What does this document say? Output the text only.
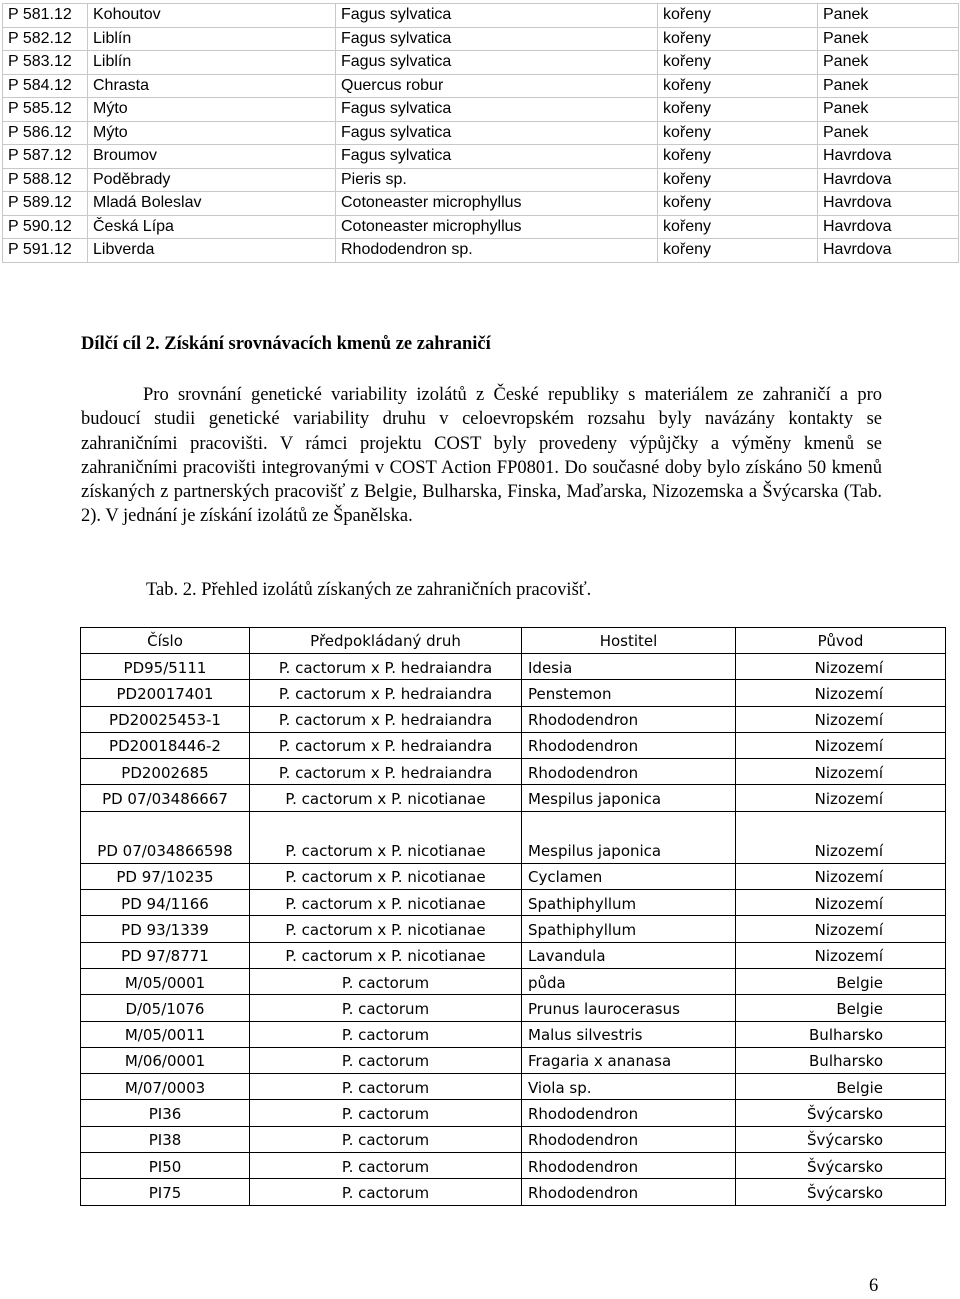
P 581.12	Kohoutov	Fagus sylvatica	kořeny	Panek
P 582.12	Liblín	Fagus sylvatica	kořeny	Panek
P 583.12	Liblín	Fagus sylvatica	kořeny	Panek
P 584.12	Chrasta	Quercus robur	kořeny	Panek
P 585.12	Mýto	Fagus sylvatica	kořeny	Panek
P 586.12	Mýto	Fagus sylvatica	kořeny	Panek
P 587.12	Broumov	Fagus sylvatica	kořeny	Havrdova
P 588.12	Poděbrady	Pieris sp.	kořeny	Havrdova
P 589.12	Mladá Boleslav	Cotoneaster microphyllus	kořeny	Havrdova
P 590.12	Česká Lípa	Cotoneaster microphyllus	kořeny	Havrdova
P 591.12	Libverda	Rhododendron sp.	kořeny	Havrdova

Dílčí cíl 2. Získání srovnávacích kmenů ze zahraničí

Pro srovnání genetické variability izolátů z České republiky s materiálem ze zahraničí a pro budoucí studii genetické variability druhu v celoevropském rozsahu byly navázány kontakty se zahraničními pracovišti. V rámci projektu COST byly provedeny výpůjčky a výměny kmenů se zahraničními pracovišti integrovanými v COST Action FP0801. Do současné doby bylo získáno 50 kmenů získaných z partnerských pracovišť z Belgie, Bulharska, Finska, Maďarska, Nizozemska a Švýcarska (Tab. 2). V jednání je získání izolátů ze Španělska.

Tab. 2. Přehled izolátů získaných ze zahraničních pracovišť.

Číslo	Předpokládaný druh	Hostitel	Původ
PD95/5111	P. cactorum x P. hedraiandra	Idesia	Nizozemí
PD20017401	P. cactorum x P. hedraiandra	Penstemon	Nizozemí
PD20025453-1	P. cactorum x P. hedraiandra	Rhododendron	Nizozemí
PD20018446-2	P. cactorum x P. hedraiandra	Rhododendron	Nizozemí
PD2002685	P. cactorum x P. hedraiandra	Rhododendron	Nizozemí
PD 07/03486667	P. cactorum x P. nicotianae	Mespilus japonica	Nizozemí
PD 07/034866598	P. cactorum x P. nicotianae	Mespilus japonica	Nizozemí
PD 97/10235	P. cactorum x P. nicotianae	Cyclamen	Nizozemí
PD 94/1166	P. cactorum x P. nicotianae	Spathiphyllum	Nizozemí
PD 93/1339	P. cactorum x P. nicotianae	Spathiphyllum	Nizozemí
PD 97/8771	P. cactorum x P. nicotianae	Lavandula	Nizozemí
M/05/0001	P. cactorum	půda	Belgie
D/05/1076	P. cactorum	Prunus laurocerasus	Belgie
M/05/0011	P. cactorum	Malus silvestris	Bulharsko
M/06/0001	P. cactorum	Fragaria x ananasa	Bulharsko
M/07/0003	P. cactorum	Viola sp.	Belgie
PI36	P. cactorum	Rhododendron	Švýcarsko
PI38	P. cactorum	Rhododendron	Švýcarsko
PI50	P. cactorum	Rhododendron	Švýcarsko
PI75	P. cactorum	Rhododendron	Švýcarsko

6
